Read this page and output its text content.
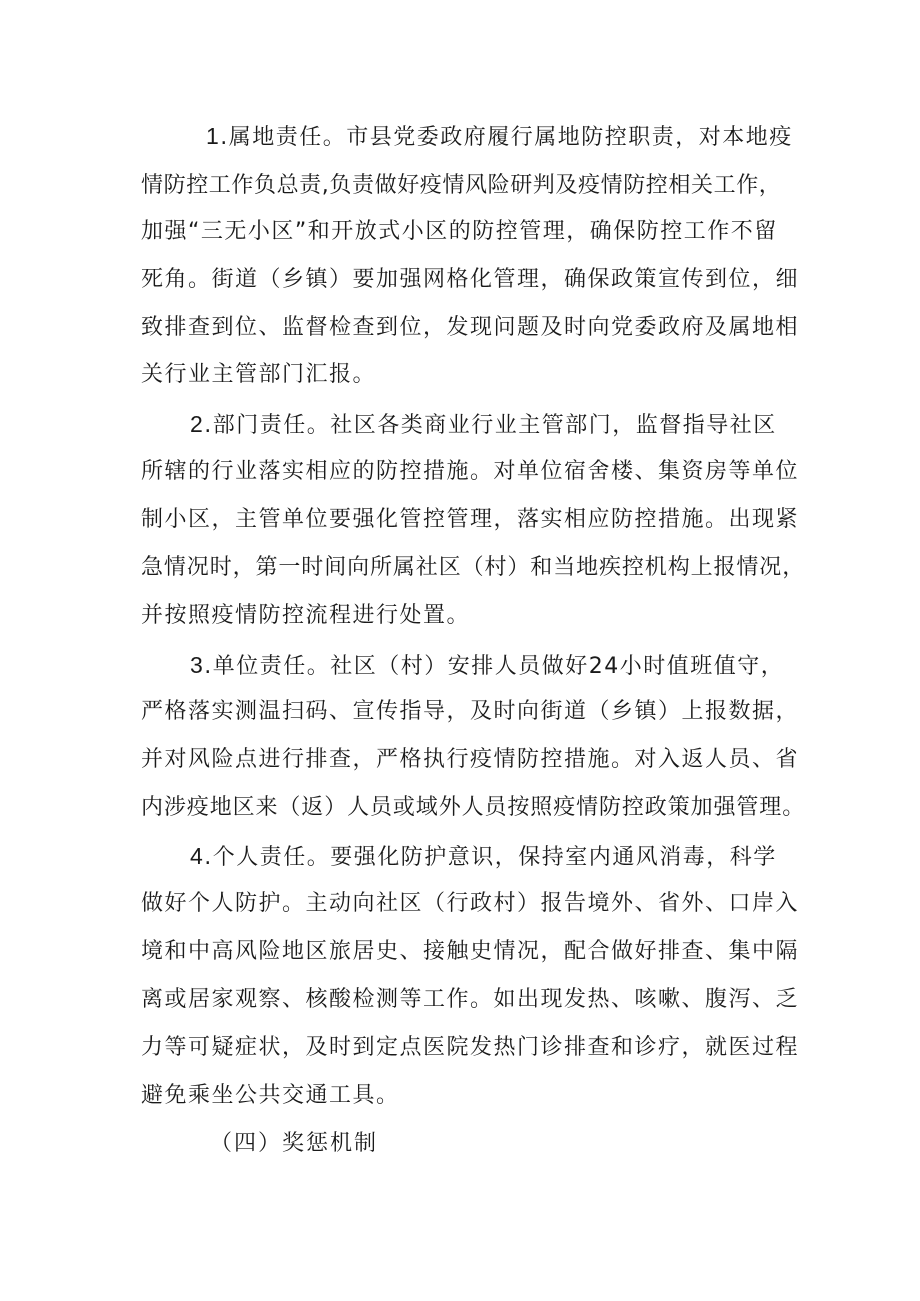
1.属地责任。市县党委政府履行属地防控职责，对本地疫
情防控工作负总责,负责做好疫情风险研判及疫情防控相关工作，
加强“三无小区”和开放式小区的防控管理，确保防控工作不留
死角。街道（乡镇）要加强网格化管理，确保政策宣传到位，细
致排查到位、监督检查到位，发现问题及时向党委政府及属地相
关行业主管部门汇报。
2.部门责任。社区各类商业行业主管部门，监督指导社区
所辖的行业落实相应的防控措施。对单位宿舍楼、集资房等单位
制小区，主管单位要强化管控管理，落实相应防控措施。出现紧
急情况时，第一时间向所属社区（村）和当地疾控机构上报情况，
并按照疫情防控流程进行处置。
3.单位责任。社区（村）安排人员做好24小时值班值守，
严格落实测温扫码、宣传指导，及时向街道（乡镇）上报数据，
并对风险点进行排查，严格执行疫情防控措施。对入返人员、省
内涉疫地区来（返）人员或域外人员按照疫情防控政策加强管理。
4.个人责任。要强化防护意识，保持室内通风消毒，科学
做好个人防护。主动向社区（行政村）报告境外、省外、口岸入
境和中高风险地区旅居史、接触史情况，配合做好排查、集中隔
离或居家观察、核酸检测等工作。如出现发热、咳嗽、腹泻、乏
力等可疑症状，及时到定点医院发热门诊排查和诊疗，就医过程
避免乘坐公共交通工具。
（四）奖惩机制
